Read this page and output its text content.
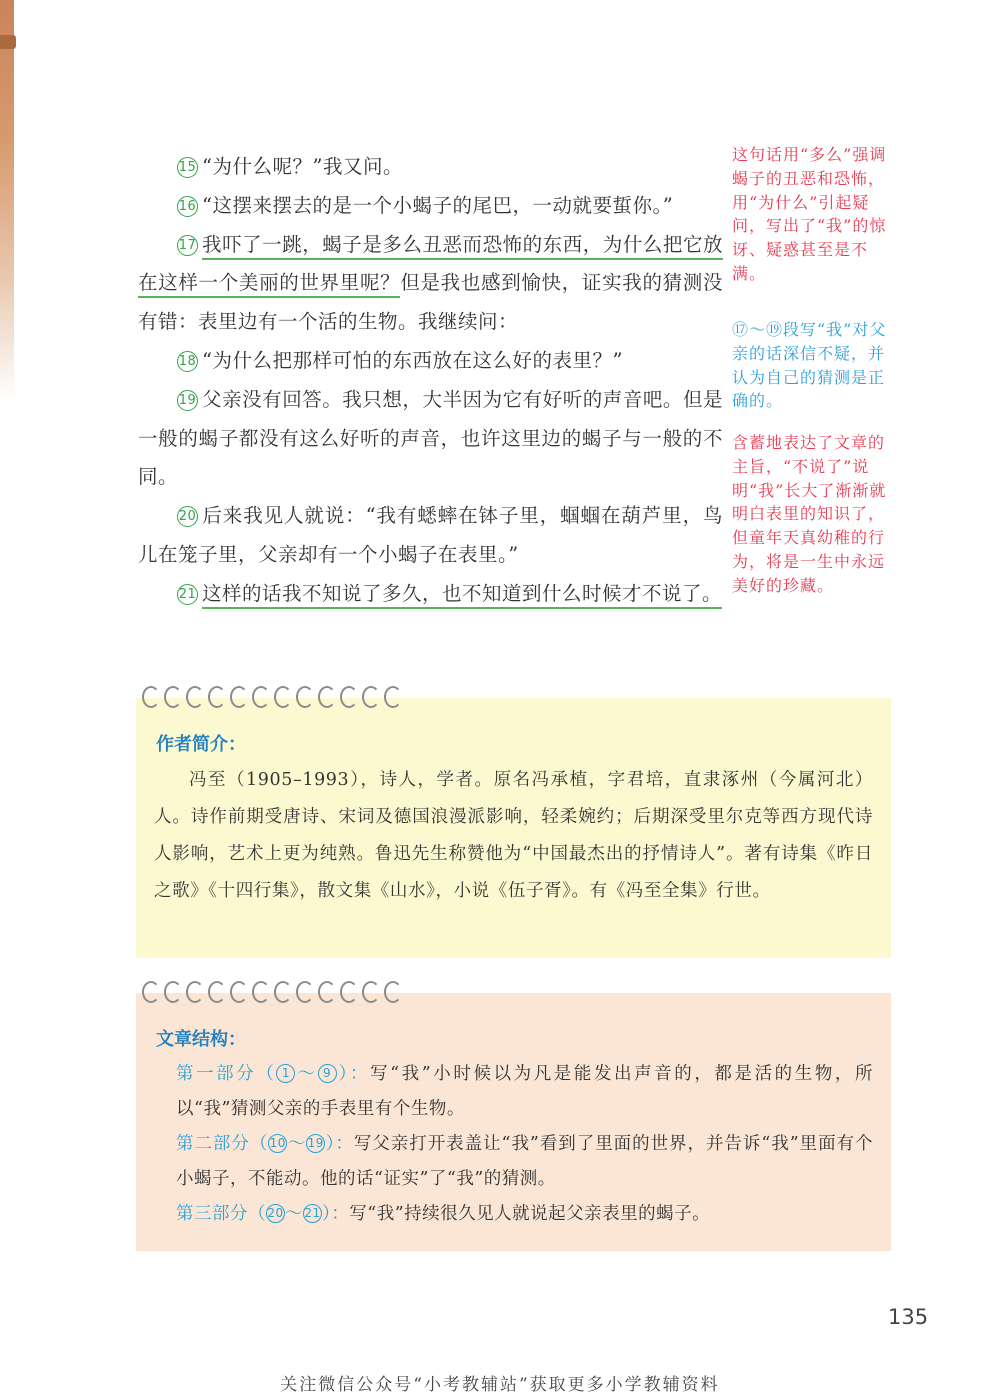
15 “为什么呢？”我又问。

16 “这摆来摆去的是一个小蝎子的尾巴，一动就要蜇你。”

17 我吓了一跳，蝎子是多么丑恶而恐怖的东西，为什么把它放在这样一个美丽的世界里呢？但是我也感到愉快，证实我的猜测没有错：表里边有一个活的生物。我继续问：

18 “为什么把那样可怕的东西放在这么好的表里？”

19 父亲没有回答。我只想，大半因为它有好听的声音吧。但是一般的蝎子都没有这么好听的声音，也许这里边的蝎子与一般的不同。

20 后来我见人就说：“我有蟋蟀在钵子里，蝈蝈在葫芦里，鸟儿在笼子里，父亲却有一个小蝎子在表里。”

21 这样的话我不知说了多久，也不知道到什么时候才不说了。

这句话用“多么”强调蝎子的丑恶和恐怖，用“为什么”引起疑问，写出了“我”的惊讶、疑惑甚至是不满。
⑰～⑲段写“我”对父亲的话深信不疑，并认为自己的猜测是正确的。
含蓄地表达了文章的主旨，“不说了”说明“我”长大了渐渐就明白表里的知识了，但童年天真幼稚的行为，将是一生中永远美好的珍藏。
作者简介：

冯至（1905–1993），诗人，学者。原名冯承植，字君培，直隶涿州（今属河北）人。诗作前期受唐诗、宋词及德国浪漫派影响，轻柔婉约；后期深受里尔克等西方现代诗人影响，艺术上更为纯熟。鲁迅先生称赞他为“中国最杰出的抒情诗人”。著有诗集《昨日之歌》《十四行集》，散文集《山水》，小说《伍子胥》。有《冯至全集》行世。

文章结构：

第一部分（ 1 ～ 9 ）：写“我”小时候以为凡是能发出声音的，都是活的生物，所以“我”猜测父亲的手表里有个生物。

第二部分（10～19）：写父亲打开表盖让“我”看到了里面的世界，并告诉“我”里面有个小蝎子，不能动。他的话“证实”了“我”的猜测。

第三部分（20～21）：写“我”持续很久见人就说起父亲表里的蝎子。

135
关注微信公众号“小考教辅站”获取更多小学教辅资料
